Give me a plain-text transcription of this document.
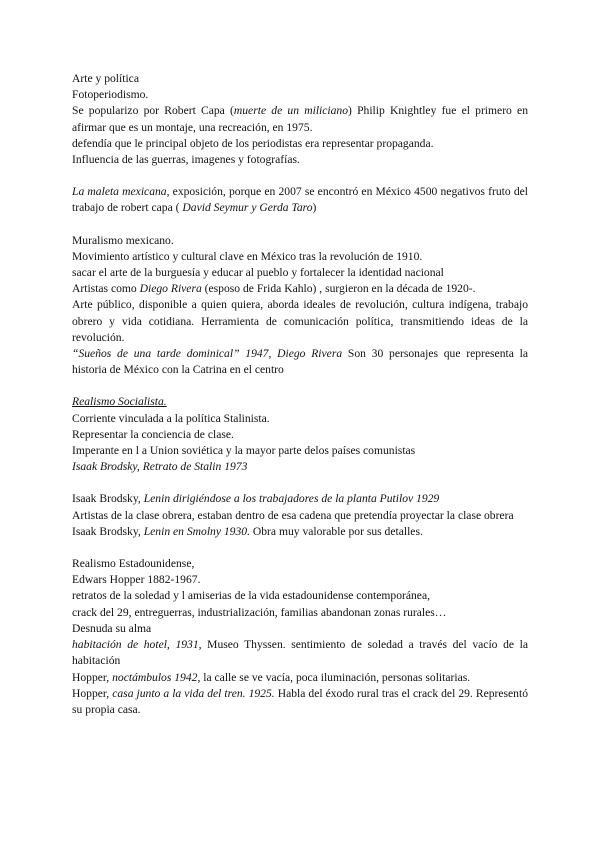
Arte y política

Fotoperiodismo.

Se popularizo por Robert Capa (muerte de un miliciano) Philip Knightley fue el primero en afirmar que es un montaje, una recreación, en 1975.

defendía que le principal objeto de los periodistas era representar propaganda.

Influencia de las guerras, imagenes y fotografías.

La maleta mexicana, exposición, porque en 2007 se encontró en México 4500 negativos fruto del trabajo de robert capa ( David Seymur y Gerda Taro)

Muralismo mexicano.

Movimiento artístico y cultural clave en México tras la revolución de 1910.

sacar el arte de la burguesía y educar al pueblo y fortalecer la identidad nacional

Artistas como Diego Rivera (esposo de Frida Kahlo) , surgieron en la década de 1920-.

Arte público, disponible a quien quiera, aborda ideales de revolución, cultura indígena, trabajo obrero y vida cotidiana. Herramienta de comunicación política, transmitiendo ideas de la revolución.

“Sueños de una tarde dominical” 1947, Diego Rivera Son 30 personajes que representa la historia de México con la Catrina en el centro

Realismo Socialista.

Corriente vinculada a la política Stalinista.

Representar la conciencia de clase.

Imperante en l a Union soviética y la mayor parte delos países comunistas

Isaak Brodsky, Retrato de Stalin 1973

Isaak Brodsky, Lenin dirigiéndose a los trabajadores de la planta Putilov 1929

Artistas de la clase obrera, estaban dentro de esa cadena que pretendía proyectar la clase obrera

Isaak Brodsky, Lenin en Smolny 1930. Obra muy valorable por sus detalles.

Realismo Estadounidense,

Edwars Hopper 1882-1967.

retratos de la soledad y l amiserias de la vida estadounidense contemporánea,

crack del 29, entreguerras, industrialización, familias abandonan zonas rurales…

Desnuda su alma

habitación de hotel, 1931, Museo Thyssen. sentimiento de soledad a través del vacío de la habitación

Hopper, noctámbulos 1942, la calle se ve vacía, poca iluminación, personas solitarias.

Hopper, casa junto a la vida del tren. 1925. Habla del éxodo rural tras el crack del 29. Representó su propia casa.
